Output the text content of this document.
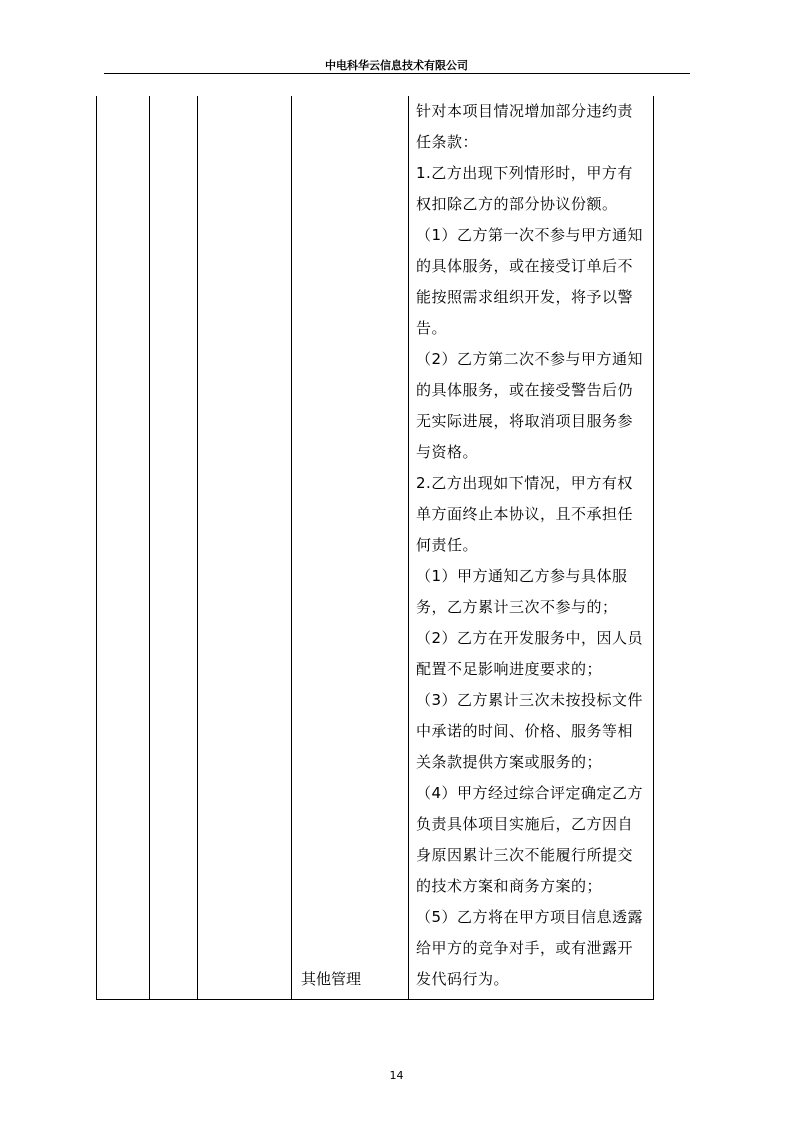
中电科华云信息技术有限公司
其他管理

针对本项目情况增加部分违约责

任条款：

1.乙方出现下列情形时，甲方有

权扣除乙方的部分协议份额。

（1）乙方第一次不参与甲方通知

的具体服务，或在接受订单后不

能按照需求组织开发，将予以警

告。

（2）乙方第二次不参与甲方通知

的具体服务，或在接受警告后仍

无实际进展，将取消项目服务参

与资格。

2.乙方出现如下情况，甲方有权

单方面终止本协议，且不承担任

何责任。

（1）甲方通知乙方参与具体服

务，乙方累计三次不参与的；

（2）乙方在开发服务中，因人员

配置不足影响进度要求的；

（3）乙方累计三次未按投标文件

中承诺的时间、价格、服务等相

关条款提供方案或服务的；

（4）甲方经过综合评定确定乙方

负责具体项目实施后，乙方因自

身原因累计三次不能履行所提交

的技术方案和商务方案的；

（5）乙方将在甲方项目信息透露

给甲方的竞争对手，或有泄露开

发代码行为。

14
